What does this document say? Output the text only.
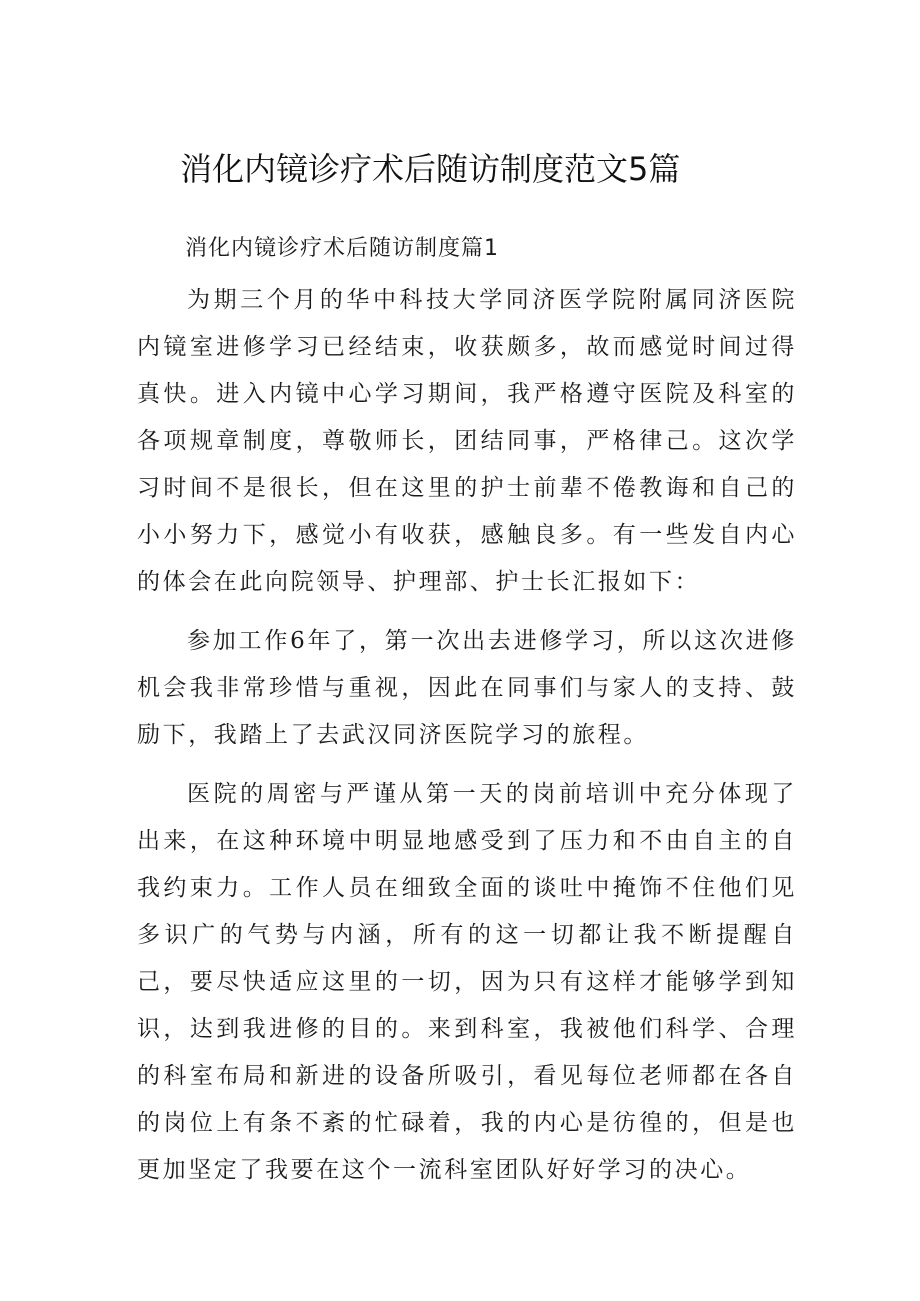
消化内镜诊疗术后随访制度范文5篇

消化内镜诊疗术后随访制度篇1

为期三个月的华中科技大学同济医学院附属同济医院内镜室进修学习已经结束，收获颇多，故而感觉时间过得真快。进入内镜中心学习期间，我严格遵守医院及科室的各项规章制度，尊敬师长，团结同事，严格律己。这次学习时间不是很长，但在这里的护士前辈不倦教诲和自己的小小努力下，感觉小有收获，感触良多。有一些发自内心的体会在此向院领导、护理部、护士长汇报如下：

参加工作6年了，第一次出去进修学习，所以这次进修机会我非常珍惜与重视，因此在同事们与家人的支持、鼓励下，我踏上了去武汉同济医院学习的旅程。

医院的周密与严谨从第一天的岗前培训中充分体现了出来，在这种环境中明显地感受到了压力和不由自主的自我约束力。工作人员在细致全面的谈吐中掩饰不住他们见多识广的气势与内涵，所有的这一切都让我不断提醒自己，要尽快适应这里的一切，因为只有这样才能够学到知识，达到我进修的目的。来到科室，我被他们科学、合理的科室布局和新进的设备所吸引，看见每位老师都在各自的岗位上有条不紊的忙碌着，我的内心是彷徨的，但是也更加坚定了我要在这个一流科室团队好好学习的决心。
